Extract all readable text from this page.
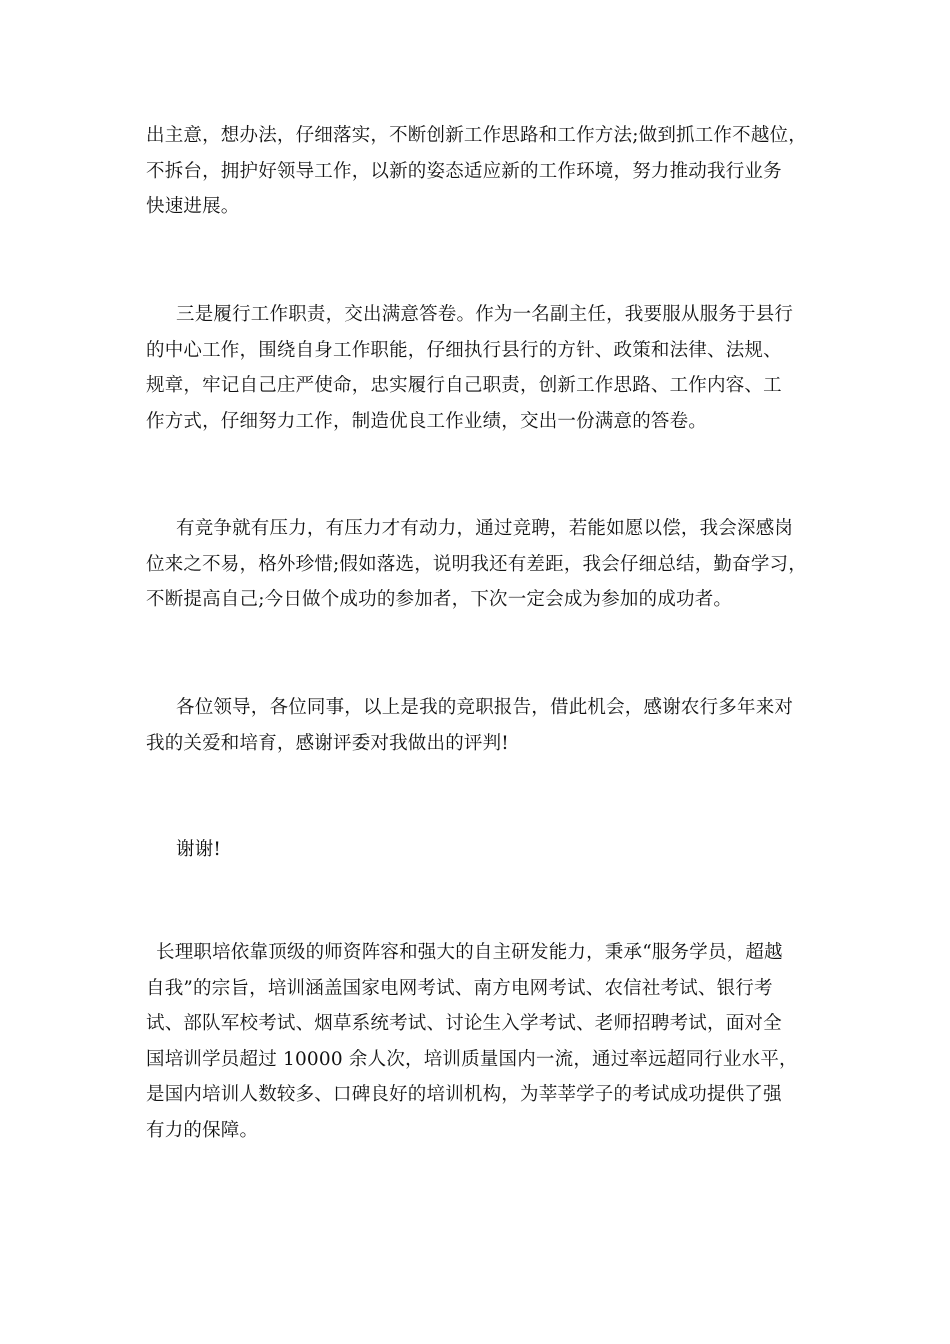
出主意，想办法，仔细落实，不断创新工作思路和工作方法;做到抓工作不越位，
不拆台，拥护好领导工作，以新的姿态适应新的工作环境，努力推动我行业务
快速进展。

三是履行工作职责，交出满意答卷。作为一名副主任，我要服从服务于县行
的中心工作，围绕自身工作职能，仔细执行县行的方针、政策和法律、法规、
规章，牢记自己庄严使命，忠实履行自己职责，创新工作思路、工作内容、工
作方式，仔细努力工作，制造优良工作业绩，交出一份满意的答卷。

有竞争就有压力，有压力才有动力，通过竞聘，若能如愿以偿，我会深感岗
位来之不易，格外珍惜;假如落选，说明我还有差距，我会仔细总结，勤奋学习，
不断提高自己;今日做个成功的参加者，下次一定会成为参加的成功者。

各位领导，各位同事，以上是我的竞职报告，借此机会，感谢农行多年来对
我的关爱和培育，感谢评委对我做出的评判!

谢谢!

长理职培依靠顶级的师资阵容和强大的自主研发能力，秉承“服务学员，超越
自我”的宗旨，培训涵盖国家电网考试、南方电网考试、农信社考试、银行考
试、部队军校考试、烟草系统考试、讨论生入学考试、老师招聘考试，面对全
国培训学员超过 10000 余人次，培训质量国内一流，通过率远超同行业水平，
是国内培训人数较多、口碑良好的培训机构，为莘莘学子的考试成功提供了强
有力的保障。
